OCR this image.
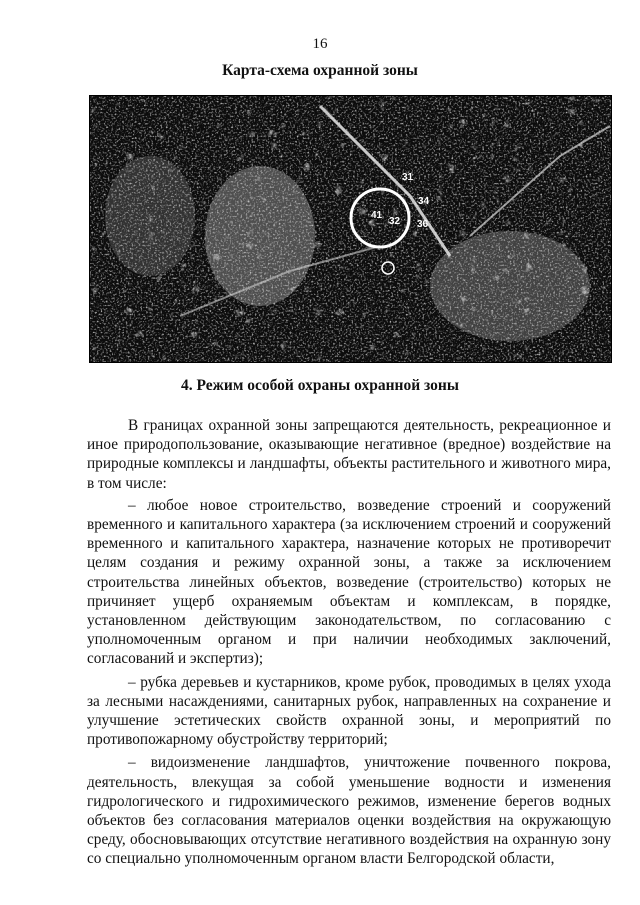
16
Карта-схема охранной зоны
41
32
31
34
36
4. Режим особой охраны охранной зоны

В границах охранной зоны запрещаются деятельность, рекреационное и иное природопользование, оказывающие негативное (вредное) воздействие на природные комплексы и ландшафты, объекты растительного и животного мира, в том числе:

– любое новое строительство, возведение строений и сооружений временного и капитального характера (за исключением строений и сооружений временного и капитального характера, назначение которых не противоречит целям создания и режиму охранной зоны, а также за исключением строительства линейных объектов, возведение (строительство) которых не причиняет ущерб охраняемым объектам и комплексам, в порядке, установленном действующим законодательством, по согласованию с уполномоченным органом и при наличии необходимых заключений, согласований и экспертиз);

– рубка деревьев и кустарников, кроме рубок, проводимых в целях ухода за лесными насаждениями, санитарных рубок, направленных на сохранение и улучшение эстетических свойств охранной зоны, и мероприятий по противопожарному обустройству территорий;

– видоизменение ландшафтов, уничтожение почвенного покрова, деятельность, влекущая за собой уменьшение водности и изменения гидрологического и гидрохимического режимов, изменение берегов водных объектов без согласования материалов оценки воздействия на окружающую среду, обосновывающих отсутствие негативного воздействия на охранную зону со специально уполномоченным органом власти Белгородской области,
